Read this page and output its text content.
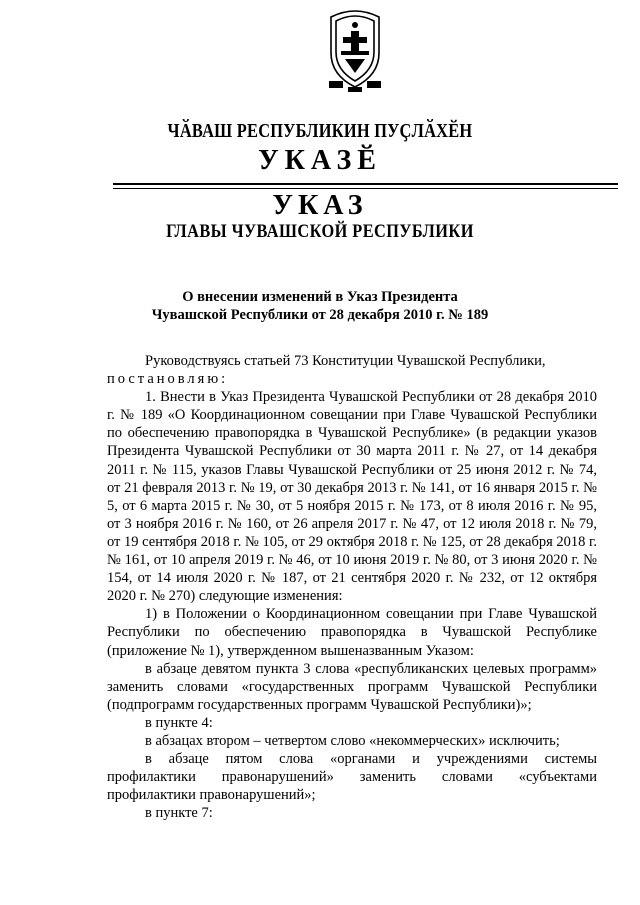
ЧӐВАШ РЕСПУБЛИКИН ПУҪЛӐХӖН
УКАЗӖ
УКАЗ
ГЛАВЫ ЧУВАШСКОЙ РЕСПУБЛИКИ
О внесении изменений в Указ Президента
Чувашской Республики от 28 декабря 2010 г. № 189

Руководствуясь статьей 73 Конституции Чувашской Республики,

постановляю:

1. Внести в Указ Президента Чувашской Республики от 28 декабря 2010 г. № 189 «О Координационном совещании при Главе Чувашской Республики по обеспечению правопорядка в Чувашской Республике» (в редакции указов Президента Чувашской Республики от 30 марта 2011 г. № 27, от 14 декабря 2011 г. № 115, указов Главы Чувашской Республики от 25 июня 2012 г. № 74, от 21 февраля 2013 г. № 19, от 30 декабря 2013 г. № 141, от 16 января 2015 г. № 5, от 6 марта 2015 г. № 30, от 5 ноября 2015 г. № 173, от 8 июля 2016 г. № 95, от 3 ноября 2016 г. № 160, от 26 апреля 2017 г. № 47, от 12 июля 2018 г. № 79, от 19 сентября 2018 г. № 105, от 29 октября 2018 г. № 125, от 28 декабря 2018 г. № 161, от 10 апреля 2019 г. № 46, от 10 июня 2019 г. № 80, от 3 июня 2020 г. № 154, от 14 июля 2020 г. № 187, от 21 сентября 2020 г. № 232, от 12 октября 2020 г. № 270) следующие изменения:

1) в Положении о Координационном совещании при Главе Чувашской Республики по обеспечению правопорядка в Чувашской Республике (приложение № 1), утвержденном вышеназванным Указом:

в абзаце девятом пункта 3 слова «республиканских целевых программ» заменить словами «государственных программ Чувашской Республики (подпрограмм государственных программ Чувашской Республики)»;

в пункте 4:

в абзацах втором – четвертом слово «некоммерческих» исключить;

в абзаце пятом слова «органами и учреждениями системы профилактики правонарушений» заменить словами «субъектами профилактики правонарушений»;

в пункте 7:
